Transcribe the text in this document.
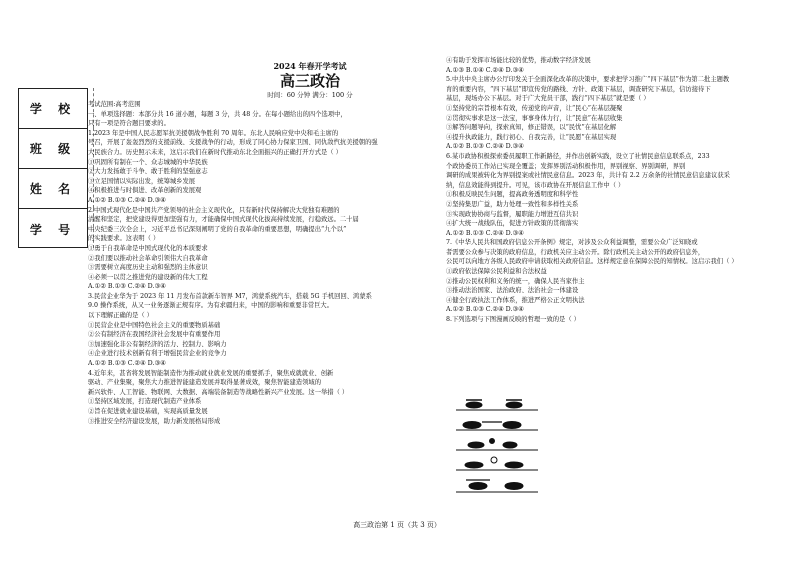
学 校
班 级
姓 名
学 号
2024 年春开学考试
高三政治
时间：60 分钟 满分：100 分
考试范围:高考范围
一、单项选择题：本部分共 16 道小题，每题 3 分，共 48 分。在每小题给出的四个选项中，
只有一项是符合题目要求的。
1.2023 年是中国人民志愿军抗美援朝战争胜利 70 周年。东北人民响应党中央和毛主席的
号召，开展了轰轰烈烈的支援前线、支援战争的行动，形成了同心协力保家卫国、同仇敌忾抗美援朝的强
大民族合力。历史照示未来，这启示我们在新时代推动东北全面振兴的正确打开方式是（ ）
①巩固所有制在一个、众志城城的中华民族
②大力发扬敢于斗争、敢于胜利的坚强意志
③立足国情以实际出发，统筹城乡发展
④积极推进与时俱进、改革创新的发展观
A.①② B.①③ C.②④ D.③④
2.中国式现代化是中国共产党领导的社会主义现代化，只有新时代保持解决大党独有难题的
清醒和坚定，把党建设得更加坚强有力，才能确保中国式现代化拔高持续发展，行稳致远。二十届
中央纪委三次全会上，习近平总书记深刻阐明了党的自我革命的重要思想，明确提出“九个以”
的实践要求。这表明（ ）
①勇于自我革命是中国式现代化的本质要求
②我们要以推动社会革命引领伟大自我革命
③需要树立高度历史主动和强烈的主体意识
④必须一以贯之推进党的建设新的伟大工程
A.①② B.①③ C.②④ D.③④
3.民营企业华为于 2023 年 11 月发布首款新车智界 M7，鸿蒙系统汽车，搭载 5G 手机回回、鸿蒙系
9.0 操作系统，从又一业务逐渐正规有序。为有求疆归来，中国的影响和重要非常巨大。
以下理解正确的是（ ）
①民营企业是中国特色社会主义的重要物质基础
②公有制经济在我国经济社会发展中有重要作用
③加速强化非公有制经济的活力、控制力、影响力
④企业进行技术创新有利于增强民营企业的竞争力
A.①② B.①③ C.②④ D.③④
4.近年来，甚省将发展智能制造作为推动就业就业发展的重要抓手，聚焦成就就业、创新
驱动、产业集聚，聚焦大力推进智能建造发展并取得显著成效，聚焦智能建造领域的
新兴软件、人工智能、物联网、大数据、高端装备制造等战略性新兴产业发展。这一举措（ ）
①坚持区域发展，打造现代制造产业体系
②旨在促进就业建设基础，实现高质量发展
③推进安全经济建设发展，助力新发展格局形成
④有助于发挥市场能比较的优势，推动数字经济发展
A.①③ B.①④ C.②④ D.③④
5.中共中央主席办公厅印发关于全面深化改革的决策中，要求把学习推广“四下基层”作为第二批主题教
育的重要内容，“四下基层”即宣传党的路线、方针、政策下基层，调查研究下基层，信访接待下
基层，现场办公下基层。对于广大党员干部，践行“四下基层”就是要（ ）
①坚持党的宗旨根本有效，传递党的声音，让“民心”在基层凝聚
②贯彻实事求是这一法宝，事事身体力行，让“民意”在基层收集
③解答问题导向，探索真知，修正错误，以“民忧”在基层化解
④提升执政能力，践行初心、自我完善，让“民愿”在基层实现
A.①② B.①③ C.②④ D.③④
6.某市政协积极探索委员履职工作新路径，并作出创新实践，设立了社情民意信息联系点，233
个政协委员工作站已实现全覆盖；发挥界别活动积极作用，界别视察、界别调研，界别
调研的成果被转化为界别提案或社情民意信息。2023 年，共计有 2.2 万余条的社情民意信息建议获采
纳，信息效能得到提升。可见，该市政协在开展信息工作中（ ）
①积极反映民生问题，提高政务透明度和科学性
②坚持集思广益，助力处理一致性和多样性关系
③实现政协协商与监督，履职能力增进互信共识
④扩大统一战线队伍，促进方针政策的贯彻落实
A.①② B.①③ C.②④ D.③④
7.《中华人民共和国政府信息公开条例》规定，对涉及公众利益调整，需要公众广泛知晓或
者需要公众参与决策的政府信息，行政机关应主动公开。除行政机关主动公开的政府信息外，
公民可以向地方各级人民政府申请获取相关政府信息。这样规定意在保障公民的知情权。这启示我们（ ）
①政府依法保障公民利益和合法权益
②推动公民权利和义务的统一，确保人民当家作主
③推动法治国家、法治政府、法治社会一体建设
④健全行政执法工作体系，推进严格公正文明执法
A.①② B.①③ C.②④ D.③④
8.下列选项与下图漫画反映的哲理一致的是（ ）
高三政治第 1 页（共 3 页）
